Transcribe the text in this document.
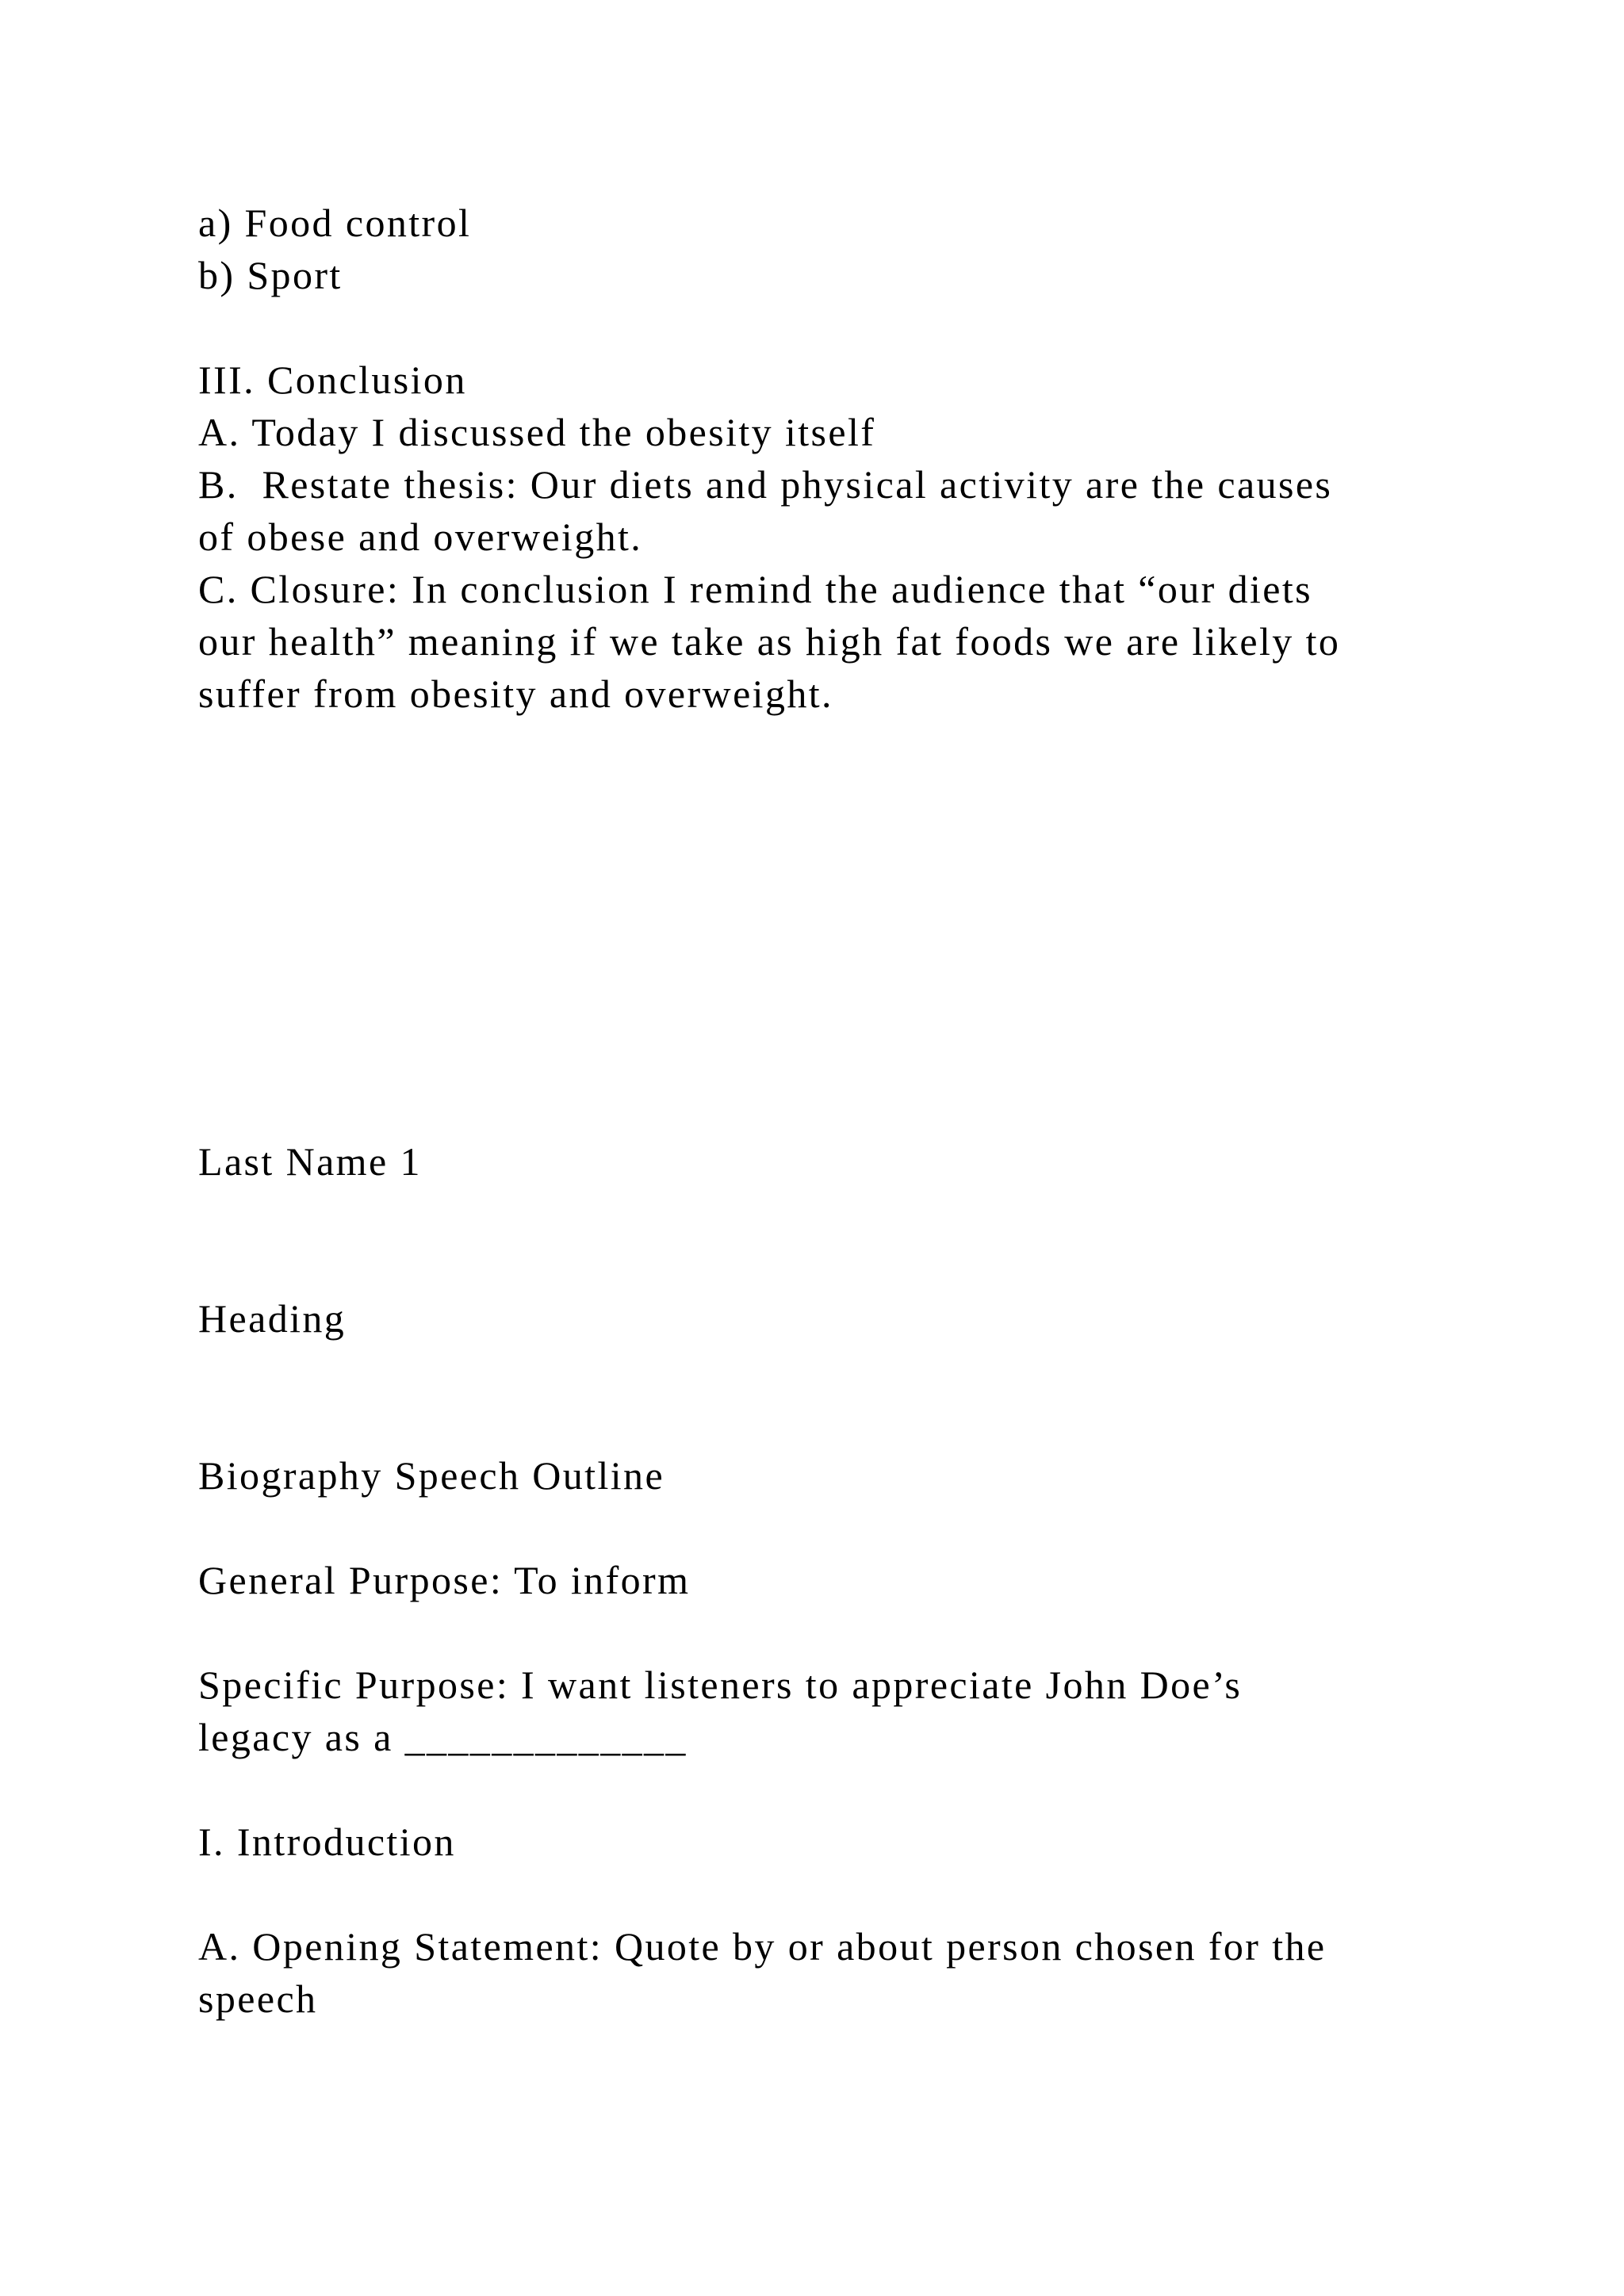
a) Food control

b) Sport

III. Conclusion

A. Today I discussed the obesity itself

B.  Restate thesis: Our diets and physical activity are the causes

of obese and overweight.

C. Closure: In conclusion I remind the audience that “our diets

our health” meaning if we take as high fat foods we are likely to

suffer from obesity and overweight.

Last Name 1

Heading

Biography Speech Outline

General Purpose: To inform

Specific Purpose: I want listeners to appreciate John Doe’s

legacy as a _____________

I. Introduction

A. Opening Statement: Quote by or about person chosen for the

speech
